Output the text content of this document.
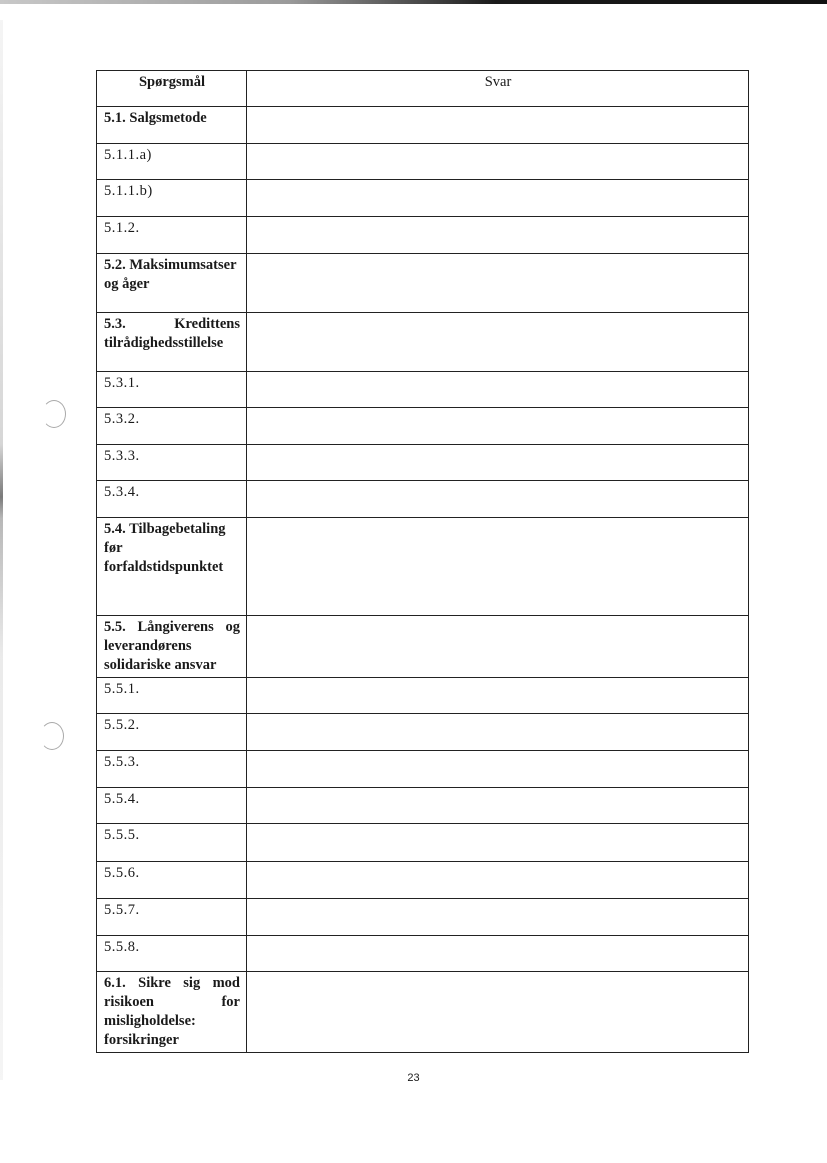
Spørgsmål	Svar
5.1. Salgsmetode	
5.1.1.a)	
5.1.1.b)	
5.1.2.	
5.2. Maksimumsatser og åger	
5.3. Kredittens tilrådighedsstillelse	
5.3.1.	
5.3.2.	
5.3.3.	
5.3.4.	
5.4. Tilbagebetaling før forfaldstidspunktet	
5.5. Långiverens og leverandørens solidariske ansvar	
5.5.1.	
5.5.2.	
5.5.3.	
5.5.4.	
5.5.5.	
5.5.6.	
5.5.7.	
5.5.8.	
6.1. Sikre sig mod risikoen for misligholdelse: forsikringer	
23
